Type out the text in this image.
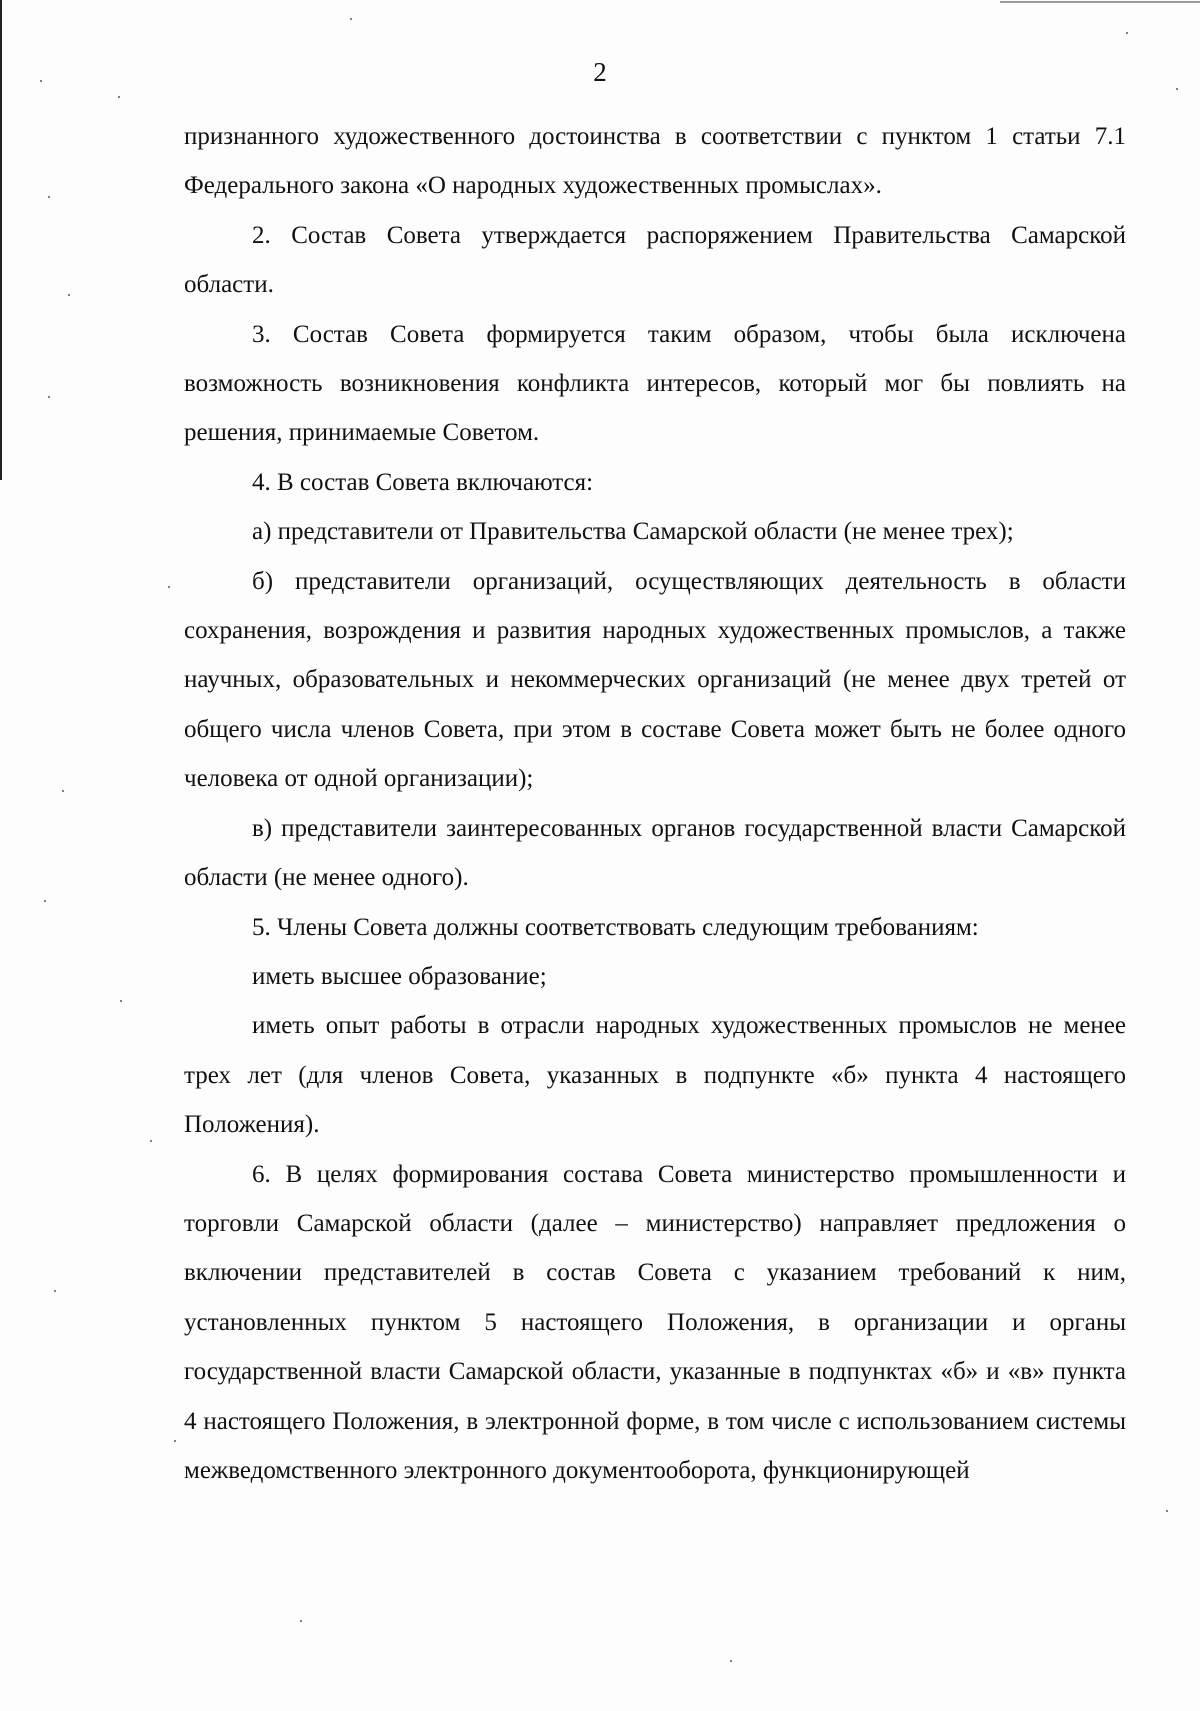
2

признанного художественного достоинства в соответствии с пунктом 1 статьи 7.1 Федерального закона «О народных художественных промыслах».

2. Состав Совета утверждается распоряжением Правительства Самарской области.

3. Состав Совета формируется таким образом, чтобы была исключена возможность возникновения конфликта интересов, который мог бы повлиять на решения, принимаемые Советом.

4. В состав Совета включаются:

а) представители от Правительства Самарской области (не менее трех);

б) представители организаций, осуществляющих деятельность в области сохранения, возрождения и развития народных художественных промыслов, а также научных, образовательных и некоммерческих организаций (не менее двух третей от общего числа членов Совета, при этом в составе Совета может быть не более одного человека от одной организации);

в) представители заинтересованных органов государственной власти Самарской области (не менее одного).

5. Члены Совета должны соответствовать следующим требованиям:

иметь высшее образование;

иметь опыт работы в отрасли народных художественных промыслов не менее трех лет (для членов Совета, указанных в подпункте «б» пункта 4 настоящего Положения).

6. В целях формирования состава Совета министерство промышленности и торговли Самарской области (далее – министерство) направляет предложения о включении представителей в состав Совета с указанием требований к ним, установленных пунктом 5 настоящего Положения, в организации и органы государственной власти Самарской области, указанные в подпунктах «б» и «в» пункта 4 настоящего Положения, в электронной форме, в том числе с использованием системы межведомственного электронного документооборота, функционирующей
